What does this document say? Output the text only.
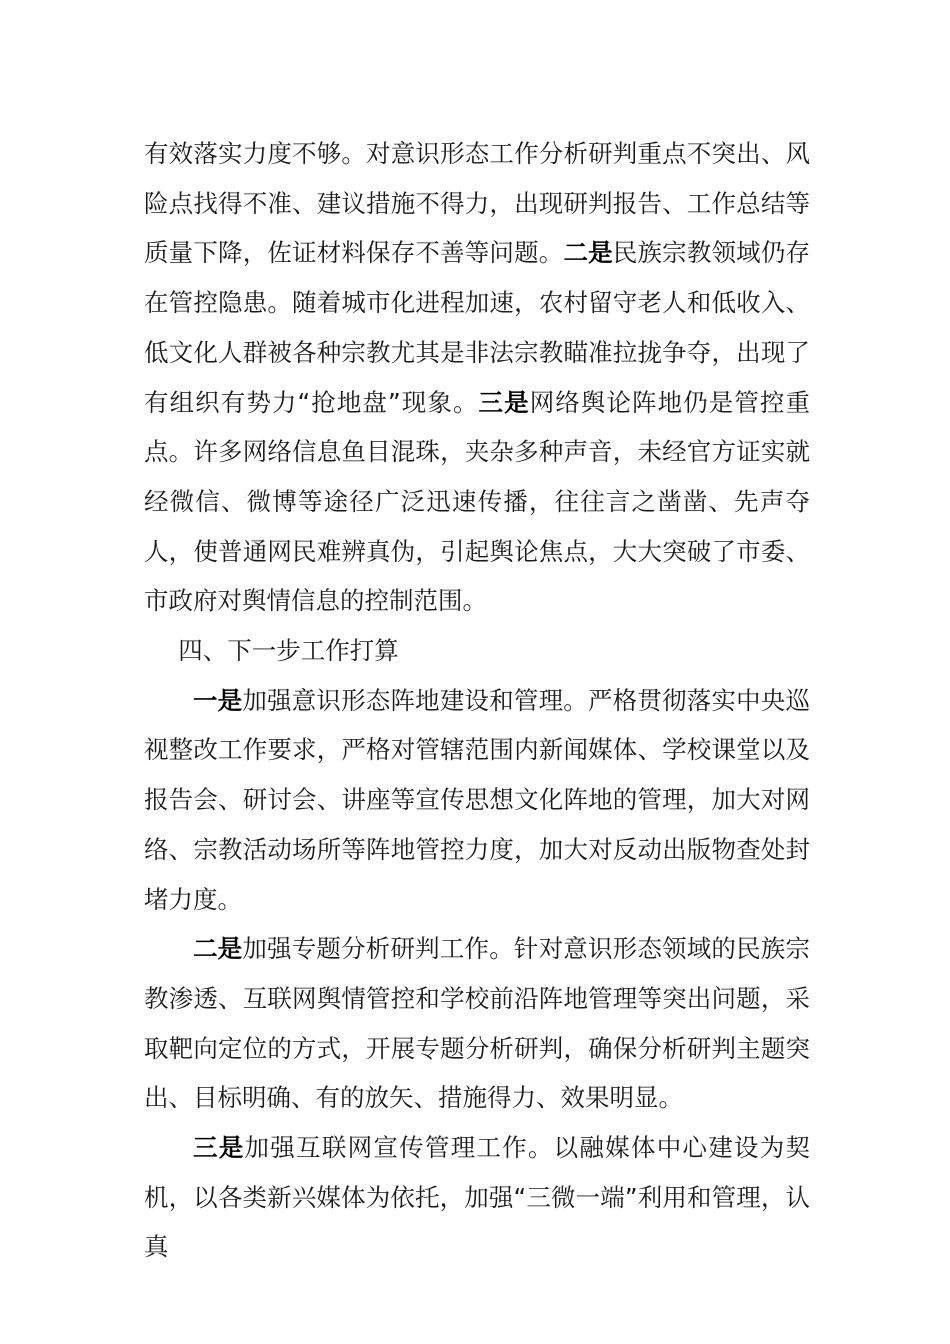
有效落实力度不够。对意识形态工作分析研判重点不突出、风险点找得不准、建议措施不得力，出现研判报告、工作总结等质量下降，佐证材料保存不善等问题。二是民族宗教领域仍存在管控隐患。随着城市化进程加速，农村留守老人和低收入、低文化人群被各种宗教尤其是非法宗教瞄准拉拢争夺，出现了有组织有势力“抢地盘”现象。三是网络舆论阵地仍是管控重点。许多网络信息鱼目混珠，夹杂多种声音，未经官方证实就经微信、微博等途径广泛迅速传播，往往言之凿凿、先声夺人，使普通网民难辨真伪，引起舆论焦点，大大突破了市委、市政府对舆情信息的控制范围。

四、下一步工作打算

一是加强意识形态阵地建设和管理。严格贯彻落实中央巡视整改工作要求，严格对管辖范围内新闻媒体、学校课堂以及报告会、研讨会、讲座等宣传思想文化阵地的管理，加大对网络、宗教活动场所等阵地管控力度，加大对反动出版物查处封堵力度。

二是加强专题分析研判工作。针对意识形态领域的民族宗教渗透、互联网舆情管控和学校前沿阵地管理等突出问题，采取靶向定位的方式，开展专题分析研判，确保分析研判主题突出、目标明确、有的放矢、措施得力、效果明显。

三是加强互联网宣传管理工作。以融媒体中心建设为契机，以各类新兴媒体为依托，加强“三微一端”利用和管理，认真
